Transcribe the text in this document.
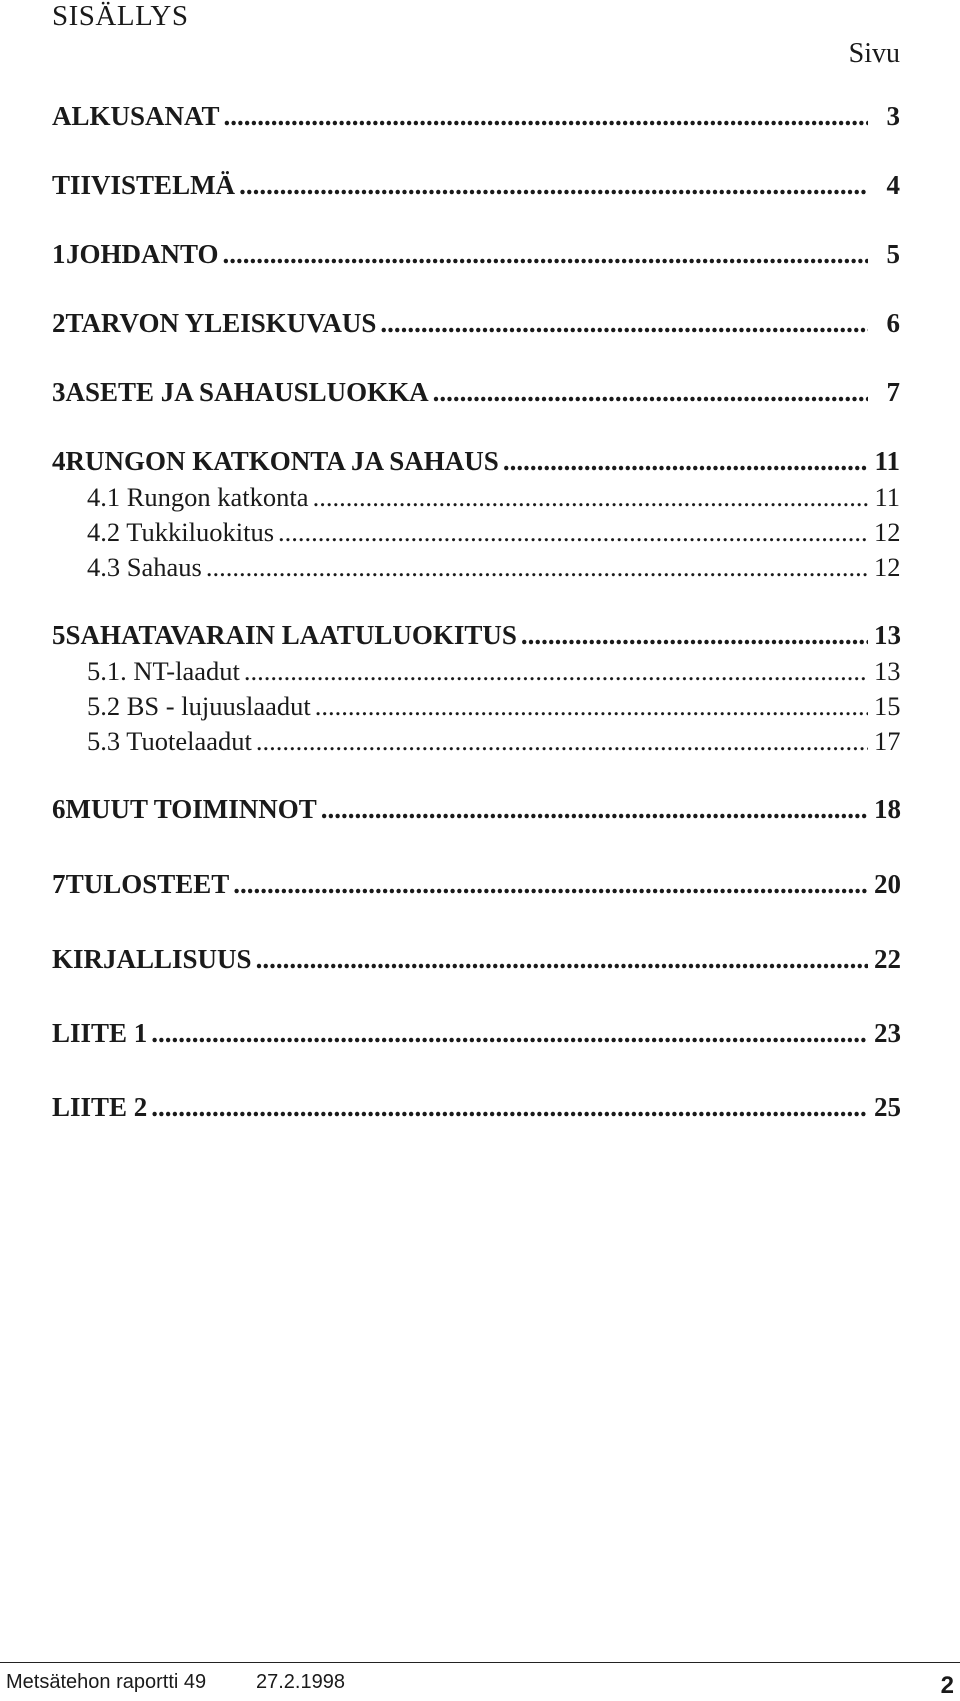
SISÄLLYS
Sivu
ALKUSANAT .....	3
TIIVISTELMÄ .....	4
1 JOHDANTO .....	5
2 TARVON YLEISKUVAUS .....	6
3 ASETE JA SAHAUSLUOKKA .....	7
4 RUNGON KATKONTA JA SAHAUS .....	11
4.1 Rungon katkonta .....	11
4.2 Tukkiluokitus .....	12
4.3 Sahaus .....	12
5 SAHATAVARAIN LAATULUOKITUS .....	13
5.1. NT-laadut .....	13
5.2 BS - lujuuslaadut .....	15
5.3 Tuotelaadut .....	17
6 MUUT TOIMINNOT .....	18
7 TULOSTEET .....	20
KIRJALLISUUS .....	22
LIITE 1 .....	23
LIITE 2 .....	25
Metsätehon raportti 49 27.2.1998	2
